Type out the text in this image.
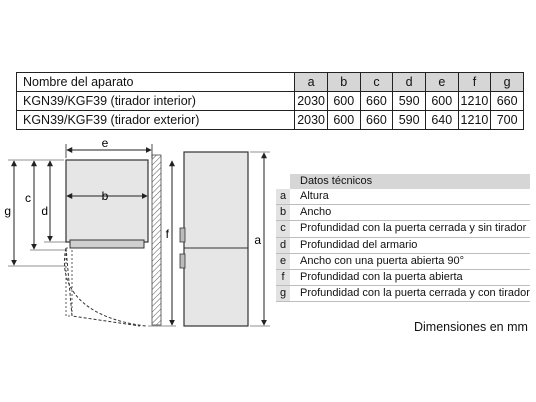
Nombre del aparato	a	b	c	d	e	f	g
KGN39/KGF39 (tirador interior)	2030	600	660	590	600	1210	660
KGN39/KGF39 (tirador exterior)	2030	600	660	590	640	1210	700
e
b
g
c
d
f	a
Datos técnicos
a	Altura
b	Ancho
c	Profundidad con la puerta cerrada y sin tirador
d	Profundidad del armario
e	Ancho con una puerta abierta 90°
f	Profundidad con la puerta abierta
g	Profundidad con la puerta cerrada y con tirador
Dimensiones en mm
